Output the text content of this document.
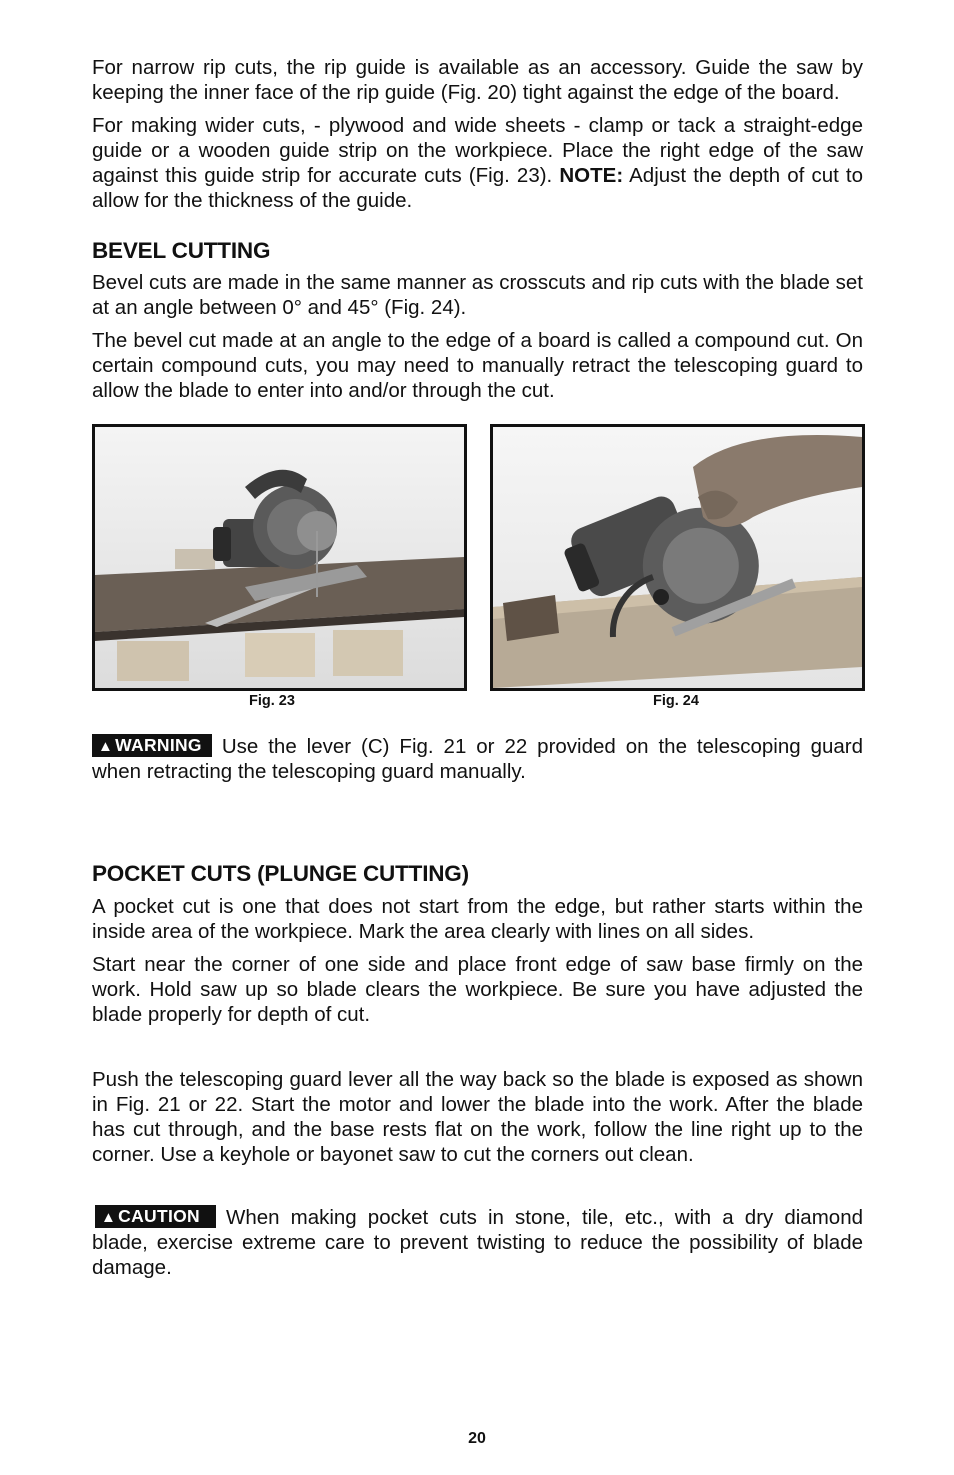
For narrow rip cuts, the rip guide is available as an accessory. Guide the saw by keeping the inner face of the rip guide (Fig. 20) tight against the edge of the board.

For making wider cuts, - plywood and wide sheets - clamp or tack a straight-edge guide or a wooden guide strip on the workpiece. Place the right edge of the saw against this guide strip for accurate cuts (Fig. 23). NOTE: Adjust the depth of cut to allow for the thickness of the guide.

BEVEL CUTTING

Bevel cuts are made in the same manner as crosscuts and rip cuts with the blade set at an angle between 0° and 45° (Fig. 24).

The bevel cut made at an angle to the edge of a board is called a compound cut. On certain compound cuts, you may need to manually retract the telescoping guard to allow the blade to enter into and/or through the cut.

Fig. 23	Fig. 24

▲ WARNING Use the lever (C) Fig. 21 or 22 provided on the telescoping guard when retracting the telescoping guard manually.

POCKET CUTS (PLUNGE CUTTING)

A pocket cut is one that does not start from the edge, but rather starts within the inside area of the workpiece. Mark the area clearly with lines on all sides.

Start near the corner of one side and place front edge of saw base firmly on the work. Hold saw up so blade clears the workpiece. Be sure you have adjusted the blade properly for depth of cut.

Push the telescoping guard lever all the way back so the blade is exposed as shown in Fig. 21 or 22. Start the motor and lower the blade into the work. After the blade has cut through, and the base rests flat on the work, follow the line right up to the corner. Use a keyhole or bayonet saw to cut the corners out clean.

▲ CAUTION When making pocket cuts in stone, tile, etc., with a dry diamond blade, exercise extreme care to prevent twisting to reduce the possibility of blade damage.

20
